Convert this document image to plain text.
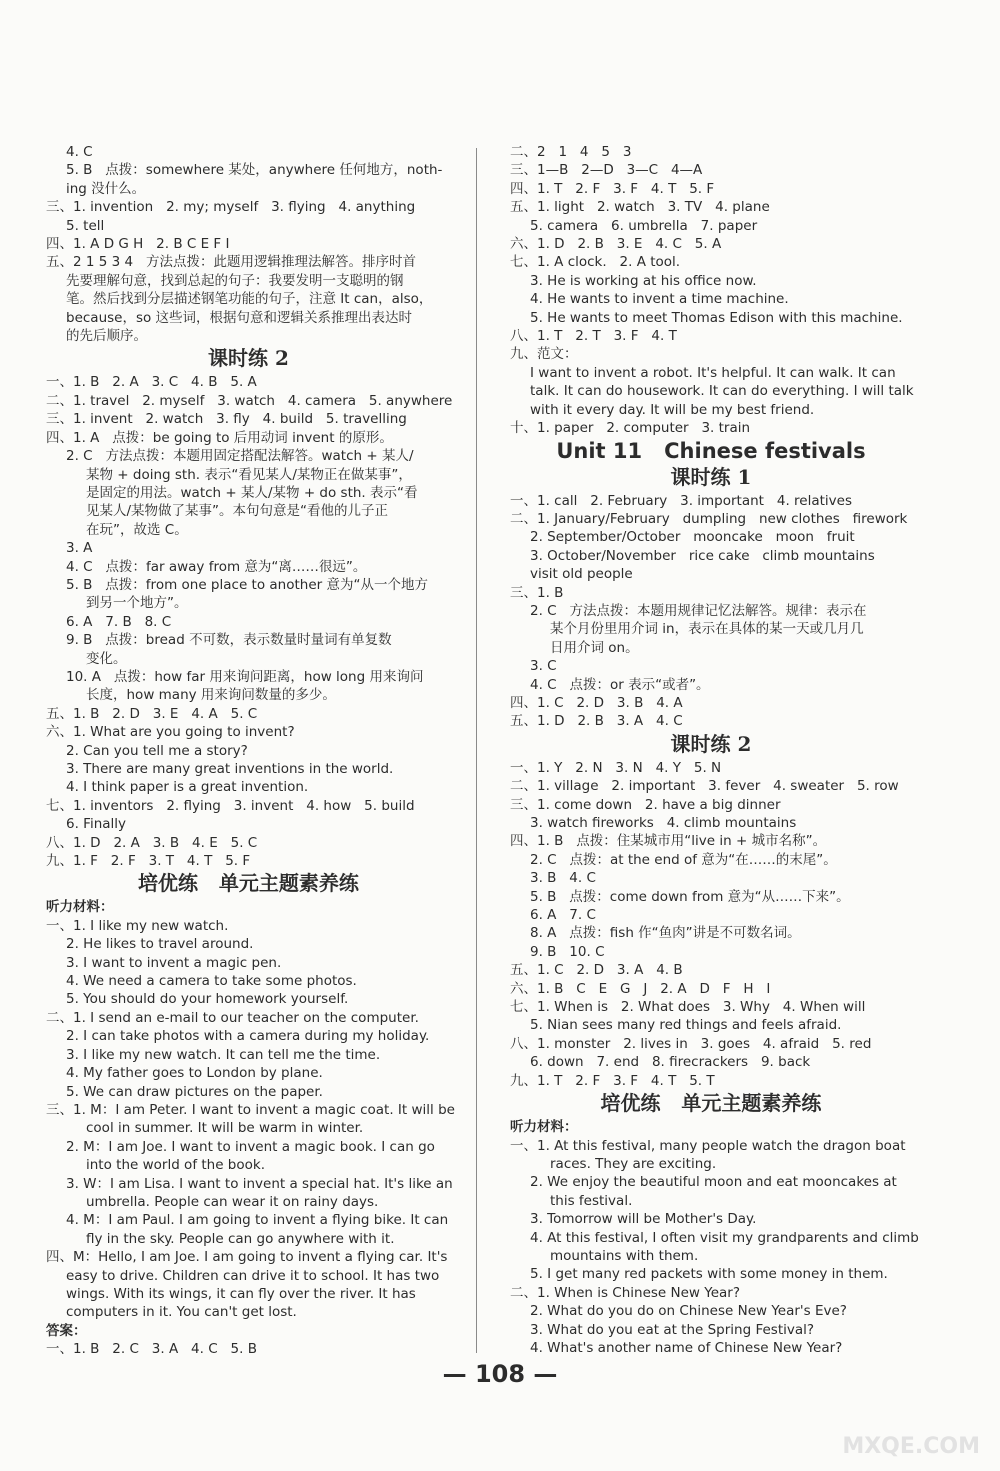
4. C
5. B   点拨：somewhere 某处，anywhere 任何地方，noth-
ing 没什么。
三、1. invention   2. my; myself   3. flying   4. anything
5. tell
四、1. A D G H   2. B C E F I
五、2 1 5 3 4   方法点拨：此题用逻辑推理法解答。排序时首
先要理解句意，找到总起的句子：我要发明一支聪明的钢
笔。然后找到分层描述钢笔功能的句子，注意 It can，also，
because，so 这些词，根据句意和逻辑关系推理出表达时
的先后顺序。
课时练 2
一、1. B   2. A   3. C   4. B   5. A
二、1. travel   2. myself   3. watch   4. camera   5. anywhere
三、1. invent   2. watch   3. fly   4. build   5. travelling
四、1. A   点拨：be going to 后用动词 invent 的原形。
2. C   方法点拨：本题用固定搭配法解答。watch + 某人/
某物 + doing sth. 表示“看见某人/某物正在做某事”，
是固定的用法。watch + 某人/某物 + do sth. 表示“看
见某人/某物做了某事”。本句句意是“看他的儿子正
在玩”，故选 C。
3. A
4. C   点拨：far away from 意为“离……很远”。
5. B   点拨：from one place to another 意为“从一个地方
到另一个地方”。
6. A   7. B   8. C
9. B   点拨：bread 不可数，表示数量时量词有单复数
变化。
10. A   点拨：how far 用来询问距离，how long 用来询问
长度，how many 用来询问数量的多少。
五、1. B   2. D   3. E   4. A   5. C
六、1. What are you going to invent?
2. Can you tell me a story?
3. There are many great inventions in the world.
4. I think paper is a great invention.
七、1. inventors   2. flying   3. invent   4. how   5. build
6. Finally
八、1. D   2. A   3. B   4. E   5. C
九、1. F   2. F   3. T   4. T   5. F
培优练   单元主题素养练
听力材料：
一、1. I like my new watch.
2. He likes to travel around.
3. I want to invent a magic pen.
4. We need a camera to take some photos.
5. You should do your homework yourself.
二、1. I send an e-mail to our teacher on the computer.
2. I can take photos with a camera during my holiday.
3. I like my new watch. It can tell me the time.
4. My father goes to London by plane.
5. We can draw pictures on the paper.
三、1. M：I am Peter. I want to invent a magic coat. It will be
cool in summer. It will be warm in winter.
2. M：I am Joe. I want to invent a magic book. I can go
into the world of the book.
3. W：I am Lisa. I want to invent a special hat. It's like an
umbrella. People can wear it on rainy days.
4. M：I am Paul. I am going to invent a flying bike. It can
fly in the sky. People can go anywhere with it.
四、M：Hello, I am Joe. I am going to invent a flying car. It's
easy to drive. Children can drive it to school. It has two
wings. With its wings, it can fly over the river. It has
computers in it. You can't get lost.
答案：
一、1. B   2. C   3. A   4. C   5. B
二、2   1   4   5   3
三、1—B   2—D   3—C   4—A
四、1. T   2. F   3. F   4. T   5. F
五、1. light   2. watch   3. TV   4. plane
5. camera   6. umbrella   7. paper
六、1. D   2. B   3. E   4. C   5. A
七、1. A clock.   2. A tool.
3. He is working at his office now.
4. He wants to invent a time machine.
5. He wants to meet Thomas Edison with this machine.
八、1. T   2. T   3. F   4. T
九、范文：
I want to invent a robot. It's helpful. It can walk. It can
talk. It can do housework. It can do everything. I will talk
with it every day. It will be my best friend.
十、1. paper   2. computer   3. train
Unit 11 Chinese festivals
课时练 1
一、1. call   2. February   3. important   4. relatives
二、1. January/February   dumpling   new clothes   firework
2. September/October   mooncake   moon   fruit
3. October/November   rice cake   climb mountains
visit old people
三、1. B
2. C   方法点拨：本题用规律记忆法解答。规律：表示在
某个月份里用介词 in，表示在具体的某一天或几月几
日用介词 on。
3. C
4. C   点拨：or 表示“或者”。
四、1. C   2. D   3. B   4. A
五、1. D   2. B   3. A   4. C
课时练 2
一、1. Y   2. N   3. N   4. Y   5. N
二、1. village   2. important   3. fever   4. sweater   5. row
三、1. come down   2. have a big dinner
3. watch fireworks   4. climb mountains
四、1. B   点拨：住某城市用“live in + 城市名称”。
2. C   点拨：at the end of 意为“在……的末尾”。
3. B   4. C
5. B   点拨：come down from 意为“从……下来”。
6. A   7. C
8. A   点拨：fish 作“鱼肉”讲是不可数名词。
9. B   10. C
五、1. C   2. D   3. A   4. B
六、1. B   C   E   G   J   2. A   D   F   H   I
七、1. When is   2. What does   3. Why   4. When will
5. Nian sees many red things and feels afraid.
八、1. monster   2. lives in   3. goes   4. afraid   5. red
6. down   7. end   8. firecrackers   9. back
九、1. T   2. F   3. F   4. T   5. T
培优练   单元主题素养练
听力材料：
一、1. At this festival, many people watch the dragon boat
races. They are exciting.
2. We enjoy the beautiful moon and eat mooncakes at
this festival.
3. Tomorrow will be Mother's Day.
4. At this festival, I often visit my grandparents and climb
mountains with them.
5. I get many red packets with some money in them.
二、1. When is Chinese New Year?
2. What do you do on Chinese New Year's Eve?
3. What do you eat at the Spring Festival?
4. What's another name of Chinese New Year?
— 108 —
MXQE.COM
